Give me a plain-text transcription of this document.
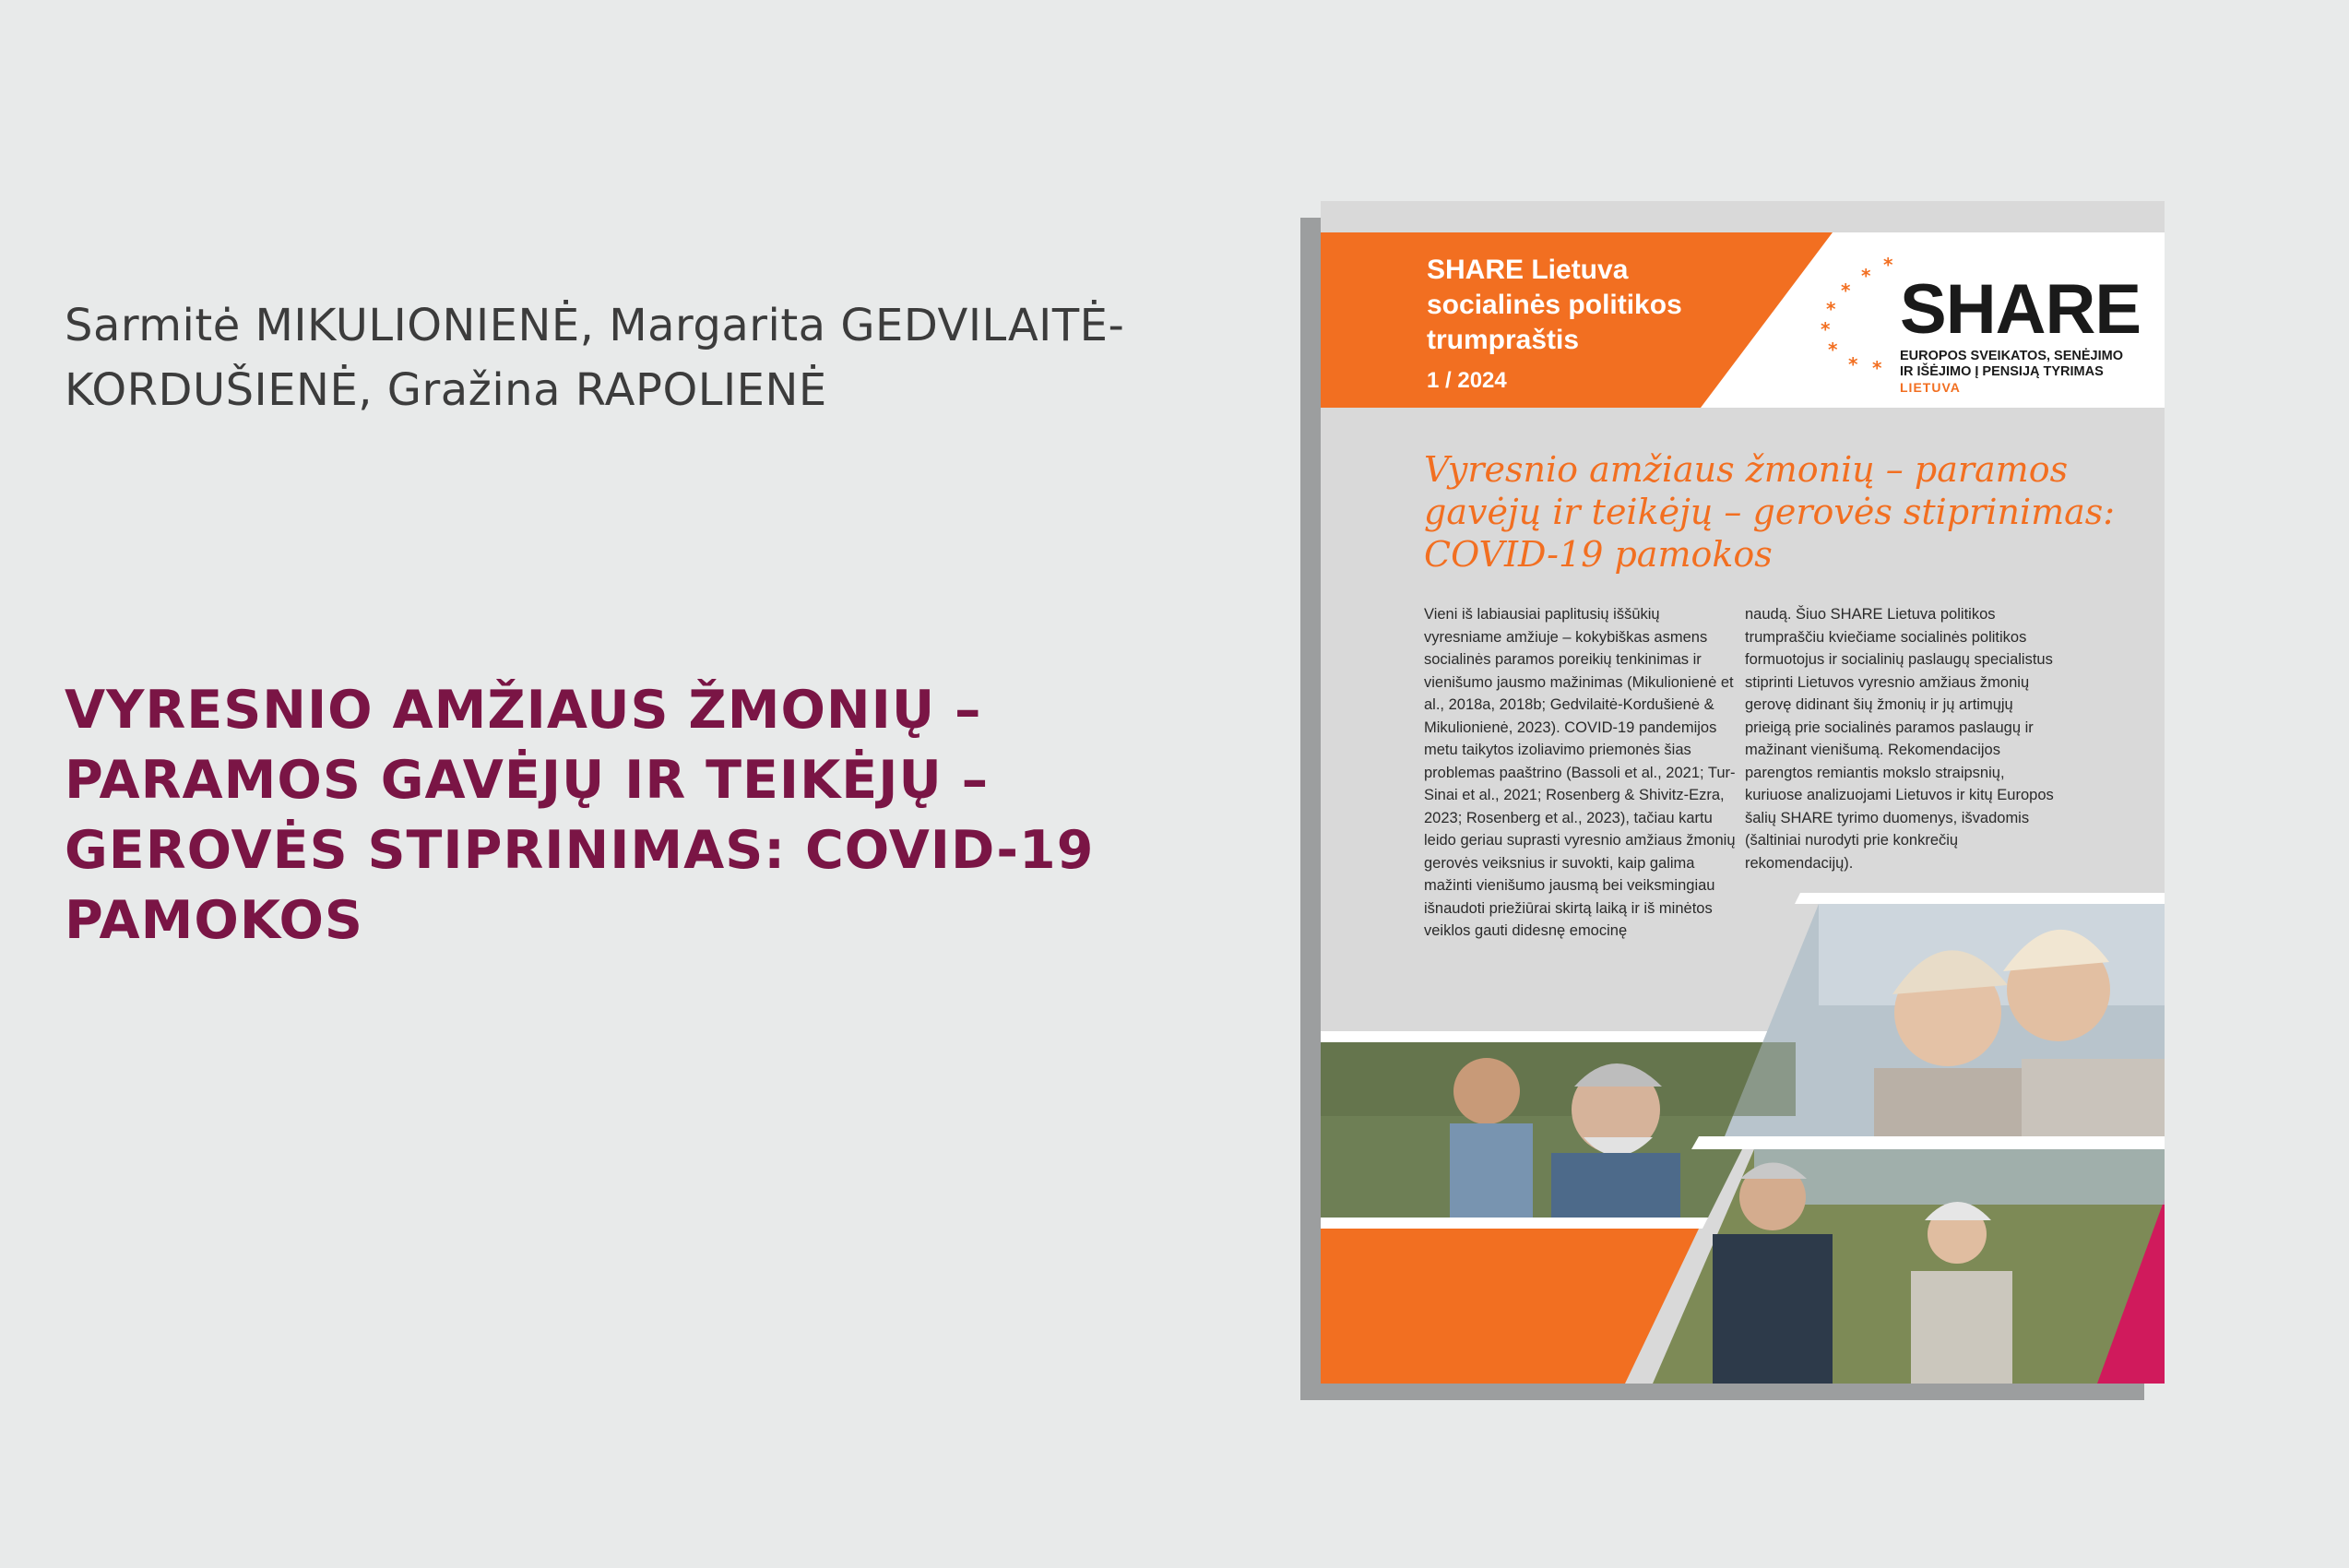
Sarmitė MIKULIONIENĖ, Margarita GEDVILAITĖ-KORDUŠIENĖ, Gražina RAPOLIENĖ
VYRESNIO AMŽIAUS ŽMONIŲ – PARAMOS GAVĖJŲ IR TEIKĖJŲ – GEROVĖS STIPRINIMAS: COVID-19 PAMOKOS
SHARE Lietuva
socialinės politikos
trumpraštis
1 / 2024
*
*
*
*
*
*
* *
SHARE
EUROPOS SVEIKATOS, SENĖJIMO
IR IŠĖJIMO Į PENSIJĄ TYRIMAS
LIETUVA
Vyresnio amžiaus žmonių – paramos gavėjų ir teikėjų – gerovės stiprinimas: COVID-19 pamokos
Vieni iš labiausiai paplitusių iššūkių vyresniame amžiuje – kokybiškas asmens socialinės paramos poreikių tenkinimas ir vienišumo jausmo mažinimas (Mikulionienė et al., 2018a, 2018b; Gedvilaitė-Kordušienė & Mikulionienė, 2023). COVID-19 pandemijos metu taikytos izoliavimo priemonės šias problemas paaštrino (Bassoli et al., 2021; Tur-Sinai et al., 2021; Rosenberg & Shivitz-Ezra, 2023; Rosenberg et al., 2023), tačiau kartu leido geriau suprasti vyresnio amžiaus žmonių gerovės veiksnius ir suvokti, kaip galima mažinti vienišumo jausmą bei veiksmingiau išnaudoti priežiūrai skirtą laiką ir iš minėtos veiklos gauti didesnę emocinę
naudą. Šiuo SHARE Lietuva politikos trumpraščiu kviečiame socialinės politikos formuotojus ir socialinių paslaugų specialistus stiprinti Lietuvos vyresnio amžiaus žmonių gerovę didinant šių žmonių ir jų artimųjų prieigą prie socialinės paramos paslaugų ir mažinant vienišumą. Rekomendacijos parengtos remiantis mokslo straipsnių, kuriuose analizuojami Lietuvos ir kitų Europos šalių SHARE tyrimo duomenys, išvadomis (šaltiniai nurodyti prie konkrečių rekomendacijų).
